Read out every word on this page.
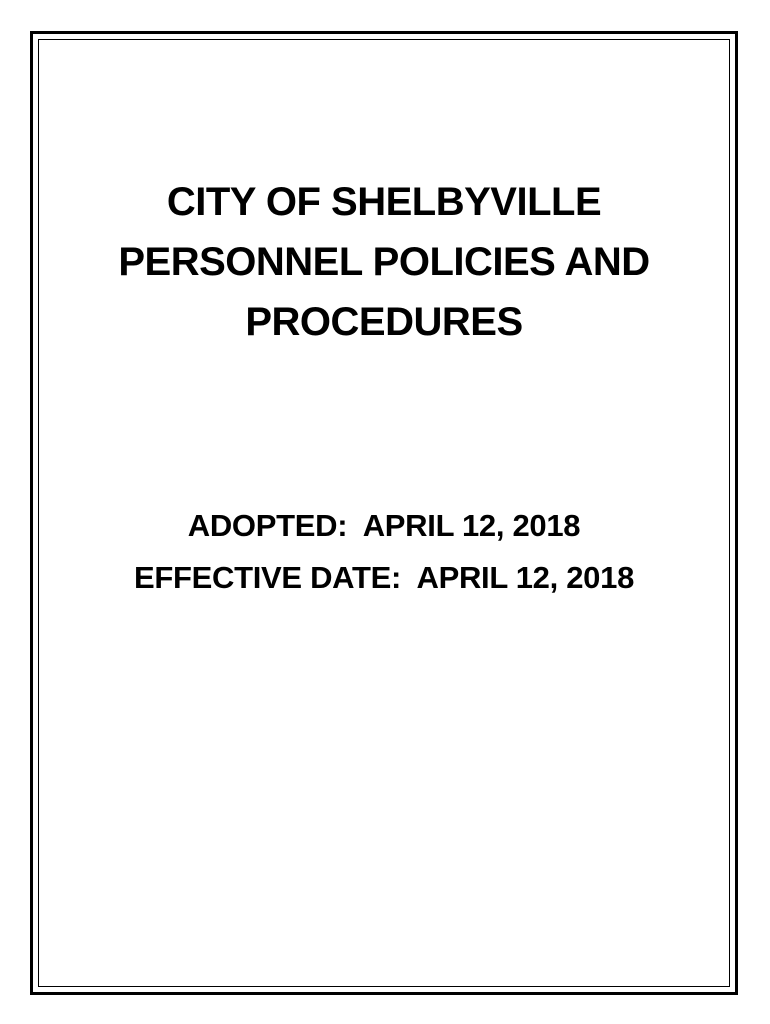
CITY OF SHELBYVILLE
PERSONNEL POLICIES AND
PROCEDURES
ADOPTED:  APRIL 12, 2018
EFFECTIVE DATE:  APRIL 12, 2018
